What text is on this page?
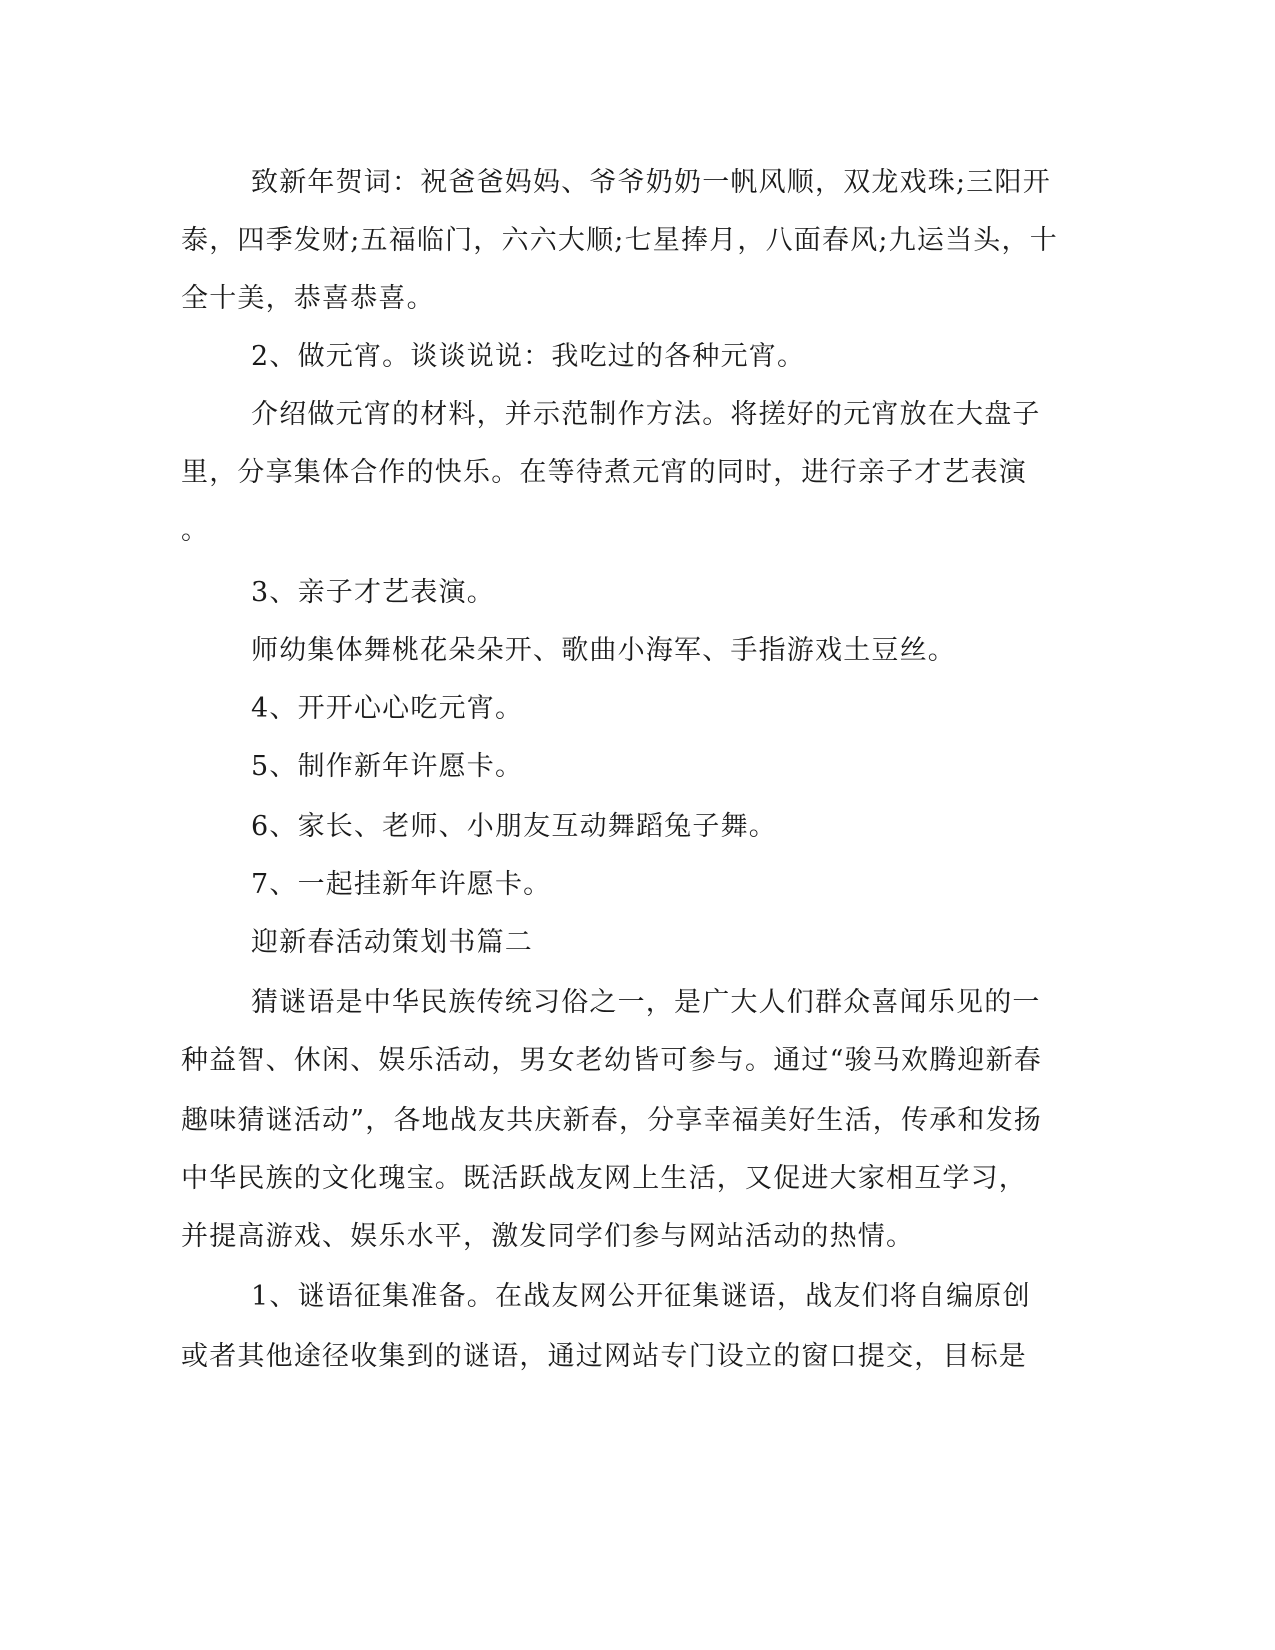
致新年贺词：祝爸爸妈妈、爷爷奶奶一帆风顺，双龙戏珠;三阳开

泰，四季发财;五福临门，六六大顺;七星捧月，八面春风;九运当头，十

全十美，恭喜恭喜。

2、做元宵。谈谈说说：我吃过的各种元宵。

介绍做元宵的材料，并示范制作方法。将搓好的元宵放在大盘子

里，分享集体合作的快乐。在等待煮元宵的同时，进行亲子才艺表演

。

3、亲子才艺表演。

师幼集体舞桃花朵朵开、歌曲小海军、手指游戏土豆丝。

4、开开心心吃元宵。

5、制作新年许愿卡。

6、家长、老师、小朋友互动舞蹈兔子舞。

7、一起挂新年许愿卡。

迎新春活动策划书篇二

猜谜语是中华民族传统习俗之一，是广大人们群众喜闻乐见的一

种益智、休闲、娱乐活动，男女老幼皆可参与。通过“骏马欢腾迎新春

趣味猜谜活动”，各地战友共庆新春，分享幸福美好生活，传承和发扬

中华民族的文化瑰宝。既活跃战友网上生活，又促进大家相互学习，

并提高游戏、娱乐水平，激发同学们参与网站活动的热情。

1、谜语征集准备。在战友网公开征集谜语，战友们将自编原创

或者其他途径收集到的谜语，通过网站专门设立的窗口提交，目标是
